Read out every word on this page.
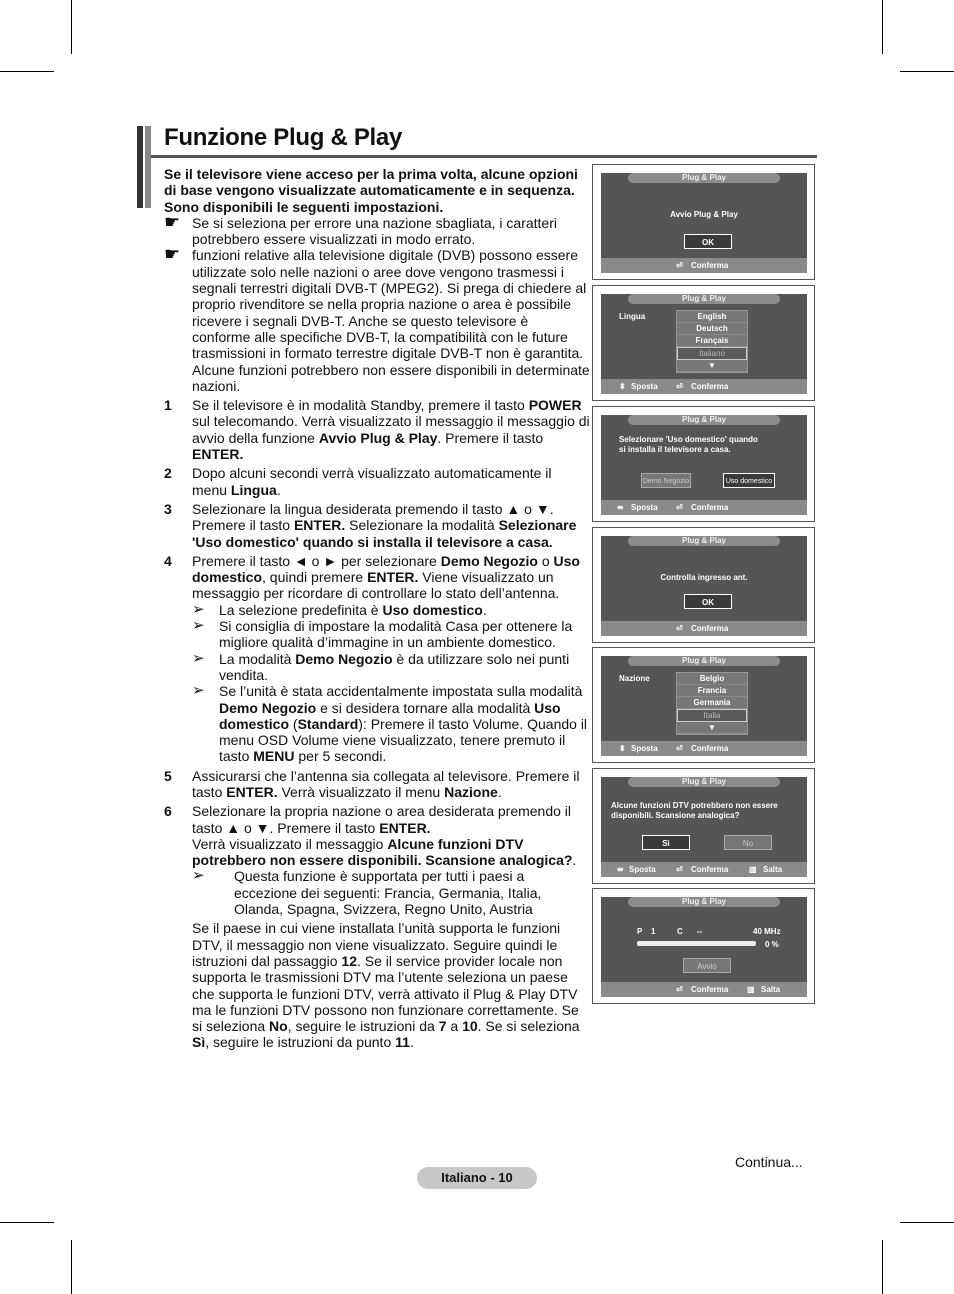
Funzione Plug & Play

Se il televisore viene acceso per la prima volta, alcune opzioni di base vengono visualizzate automaticamente e in sequenza. Sono disponibili le seguenti impostazioni.

☛ Se si seleziona per errore una nazione sbagliata, i caratteri potrebbero essere visualizzati in modo errato.

☛ funzioni relative alla televisione digitale (DVB) possono essere utilizzate solo nelle nazioni o aree dove vengono trasmessi i segnali terrestri digitali DVB-T (MPEG2). Si prega di chiedere al proprio rivenditore se nella propria nazione o area è possibile ricevere i segnali DVB-T. Anche se questo televisore è conforme alle specifiche DVB-T, la compatibilità con le future trasmissioni in formato terrestre digitale DVB-T non è garantita. Alcune funzioni potrebbero non essere disponibili in determinate nazioni.

1 Se il televisore è in modalità Standby, premere il tasto POWER sul telecomando. Verrà visualizzato il messaggio il messaggio di avvio della funzione Avvio Plug & Play. Premere il tasto ENTER.

2 Dopo alcuni secondi verrà visualizzato automaticamente il menu Lingua.

3 Selezionare la lingua desiderata premendo il tasto ▲ o ▼. Premere il tasto ENTER. Selezionare la modalità Selezionare 'Uso domestico' quando si installa il televisore a casa.

4 Premere il tasto ◄ o ► per selezionare Demo Negozio o Uso domestico, quindi premere ENTER. Viene visualizzato un messaggio per ricordare di controllare lo stato dell’antenna.

➢ La selezione predefinita è Uso domestico.
➢ Si consiglia di impostare la modalità Casa per ottenere la migliore qualità d’immagine in un ambiente domestico.
➢ La modalità Demo Negozio è da utilizzare solo nei punti vendita.
➢ Se l’unità è stata accidentalmente impostata sulla modalità Demo Negozio e si desidera tornare alla modalità Uso domestico (Standard): Premere il tasto Volume. Quando il menu OSD Volume viene visualizzato, tenere premuto il tasto MENU per 5 secondi.

5 Assicurarsi che l’antenna sia collegata al televisore. Premere il tasto ENTER. Verrà visualizzato il menu Nazione.

6 Selezionare la propria nazione o area desiderata premendo il tasto ▲ o ▼. Premere il tasto ENTER.
Verrà visualizzato il messaggio Alcune funzioni DTV potrebbero non essere disponibili. Scansione analogica?.

➢ Questa funzione è supportata per tutti i paesi a eccezione dei seguenti: Francia, Germania, Italia, Olanda, Spagna, Svizzera, Regno Unito, Austria

Se il paese in cui viene installata l’unità supporta le funzioni DTV, il messaggio non viene visualizzato. Seguire quindi le istruzioni dal passaggio 12. Se il service provider locale non supporta le trasmissioni DTV ma l’utente seleziona un paese che supporta le funzioni DTV, verrà attivato il Plug & Play DTV ma le funzioni DTV possono non funzionare correttamente. Se si seleziona No, seguire le istruzioni da 7 a 10. Se si seleziona Sì, seguire le istruzioni da punto 11.

Plug & Play
Avvio Plug & Play
OK
⏎ Conferma
Plug & Play
Lingua	English
Deutsch
Français
Italiano
▼
⬍ Sposta ⏎ Conferma
Plug & Play
Selezionare 'Uso domestico' quando
si installa il televisore a casa.
Demo Negozio	Uso domestico
⬌ Sposta ⏎ Conferma
Plug & Play
Controlla ingresso ant.
OK
⏎ Conferma
Plug & Play
Nazione	Belgio
Francia
Germania
Italia
▼
⬍ Sposta ⏎ Conferma
Plug & Play
Alcune funzioni DTV potrebbero non essere
disponibili. Scansione analogica?
Sì	No
⬌ Sposta	⏎ Conferma	▥ Salta
Plug & Play
P 1	C --	40 MHz
0 %
Avvio
⏎ Conferma ▥ Salta
Continua...
Italiano - 10
